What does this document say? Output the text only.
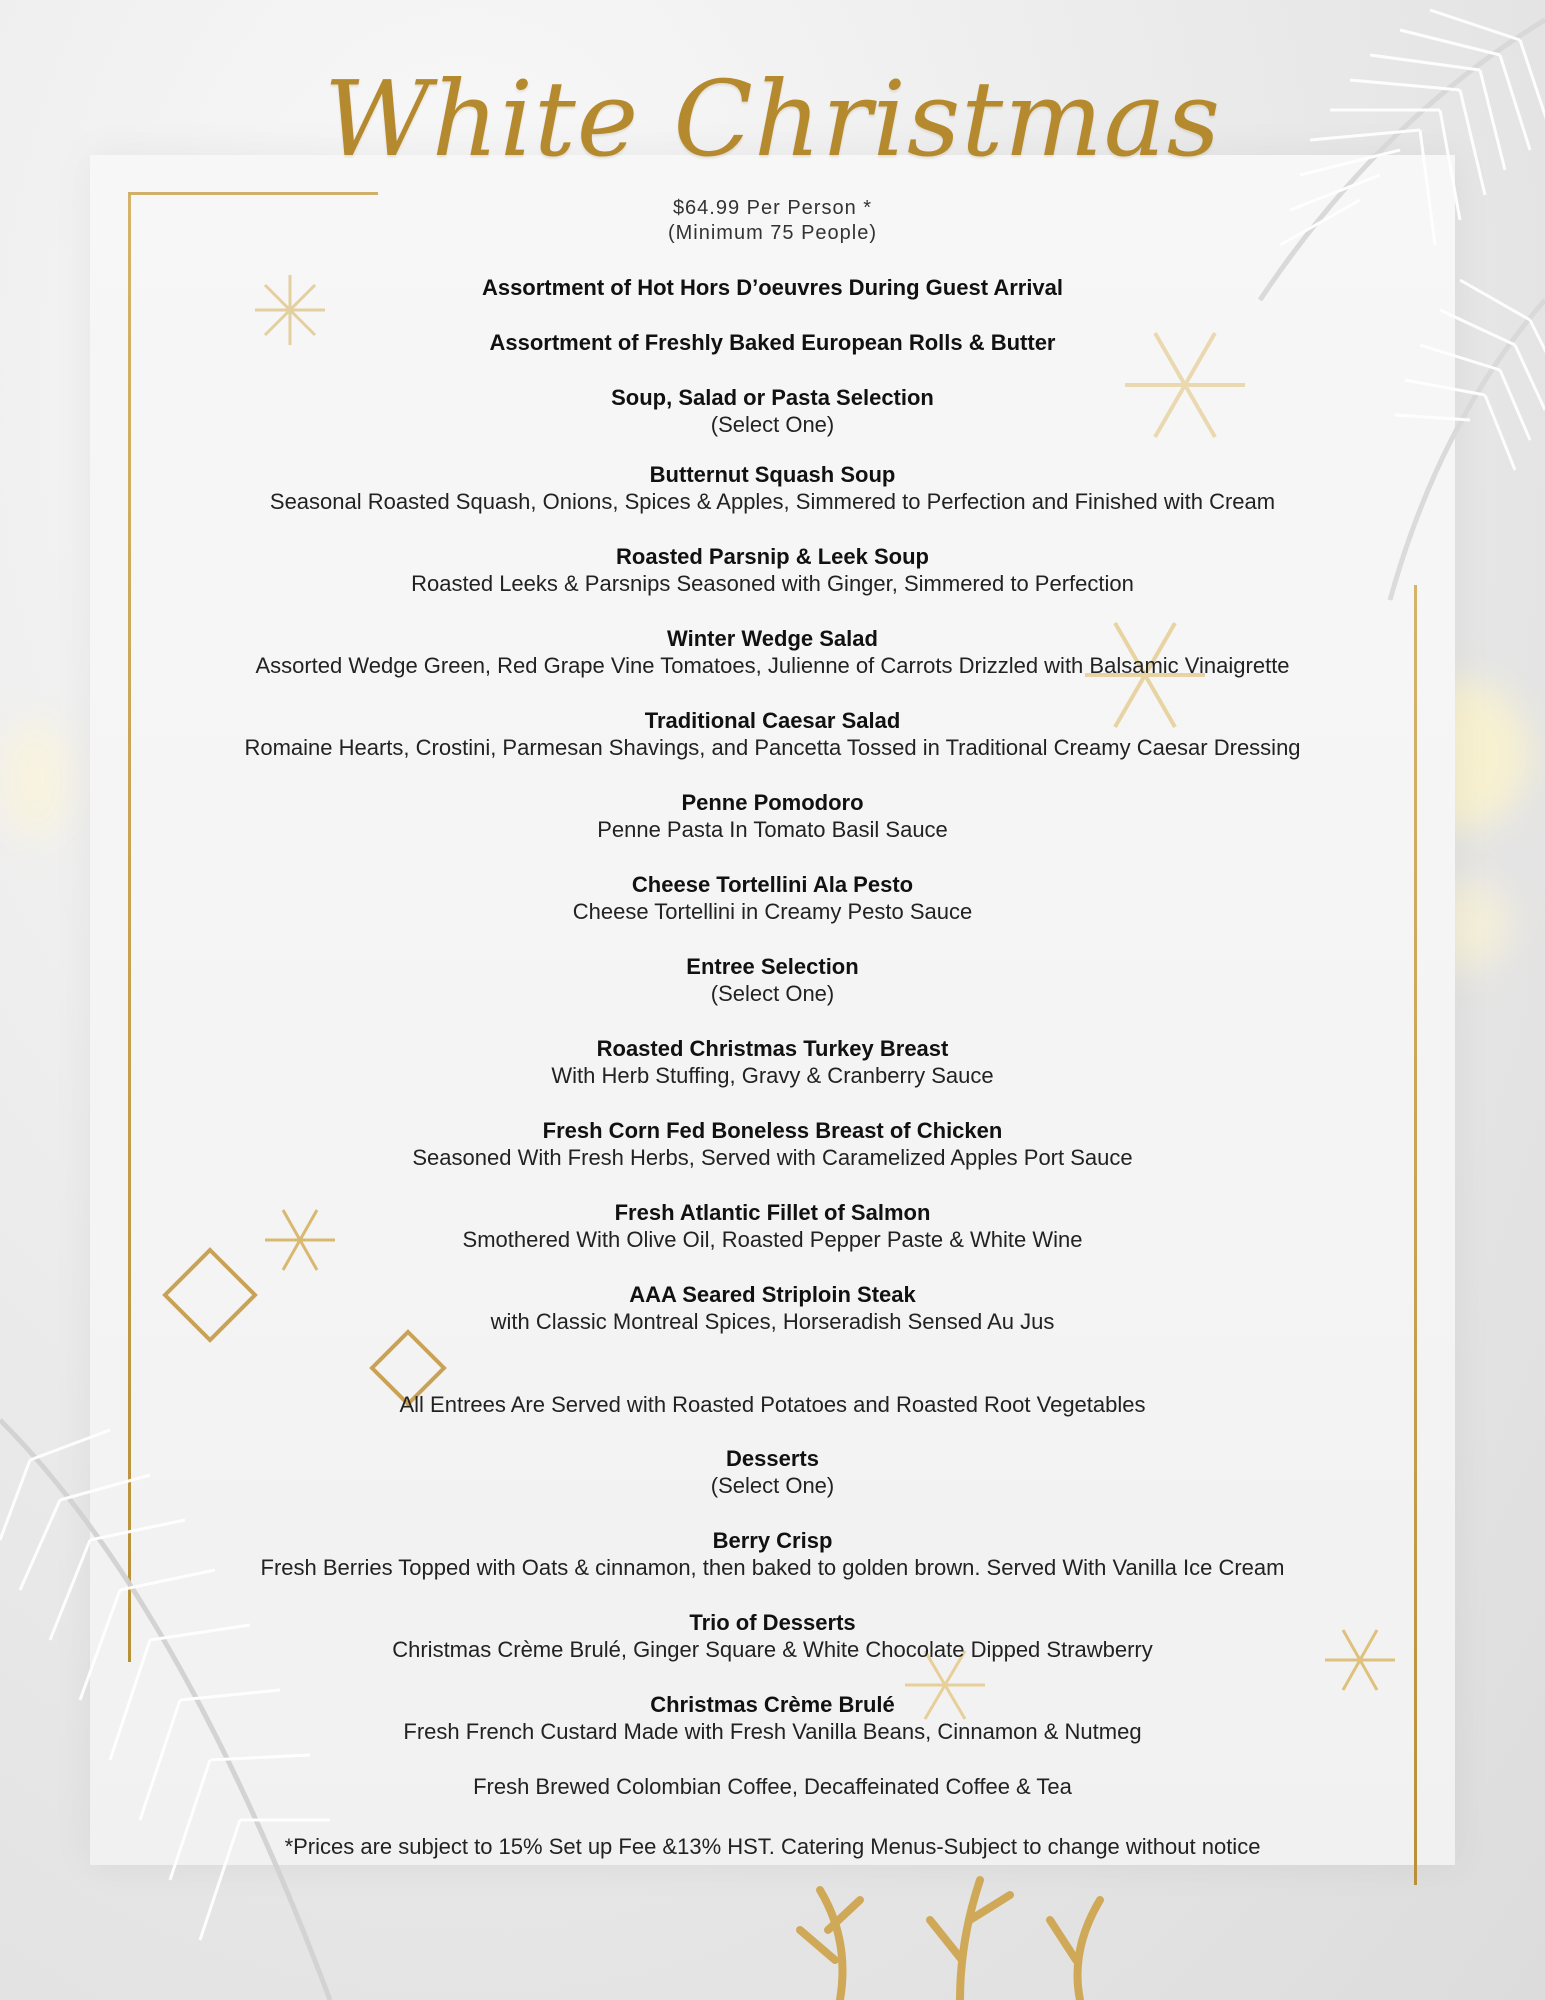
White Christmas
$64.99 Per Person *
(Minimum 75 People)
Assortment of Hot Hors D’oeuvres During Guest Arrival
Assortment of Freshly Baked European Rolls & Butter
Soup, Salad or Pasta Selection
(Select One)
Butternut Squash Soup
Seasonal Roasted Squash, Onions, Spices & Apples, Simmered to Perfection and Finished with Cream
Roasted Parsnip & Leek Soup
Roasted Leeks & Parsnips Seasoned with Ginger, Simmered to Perfection
Winter Wedge Salad
Assorted Wedge Green, Red Grape Vine Tomatoes, Julienne of Carrots Drizzled with Balsamic Vinaigrette
Traditional Caesar Salad
Romaine Hearts, Crostini, Parmesan Shavings, and Pancetta Tossed in Traditional Creamy Caesar Dressing
Penne Pomodoro
Penne Pasta In Tomato Basil Sauce
Cheese Tortellini Ala Pesto
Cheese Tortellini in Creamy Pesto Sauce
Entree Selection
(Select One)
Roasted Christmas Turkey Breast
With Herb Stuffing, Gravy & Cranberry Sauce
Fresh Corn Fed Boneless Breast of Chicken
Seasoned With Fresh Herbs, Served with Caramelized Apples Port Sauce
Fresh Atlantic Fillet of Salmon
Smothered With Olive Oil, Roasted Pepper Paste & White Wine
AAA Seared Striploin Steak
with Classic Montreal Spices, Horseradish Sensed Au Jus
All Entrees Are Served with Roasted Potatoes and Roasted Root Vegetables
Desserts
(Select One)
Berry Crisp
Fresh Berries Topped with Oats & cinnamon, then baked to golden brown. Served With Vanilla Ice Cream
Trio of Desserts
Christmas Crème Brulé, Ginger Square & White Chocolate Dipped Strawberry
Christmas Crème Brulé
Fresh French Custard Made with Fresh Vanilla Beans, Cinnamon & Nutmeg
Fresh Brewed Colombian Coffee, Decaffeinated Coffee & Tea
*Prices are subject to 15% Set up Fee &13% HST. Catering Menus-Subject to change without notice
